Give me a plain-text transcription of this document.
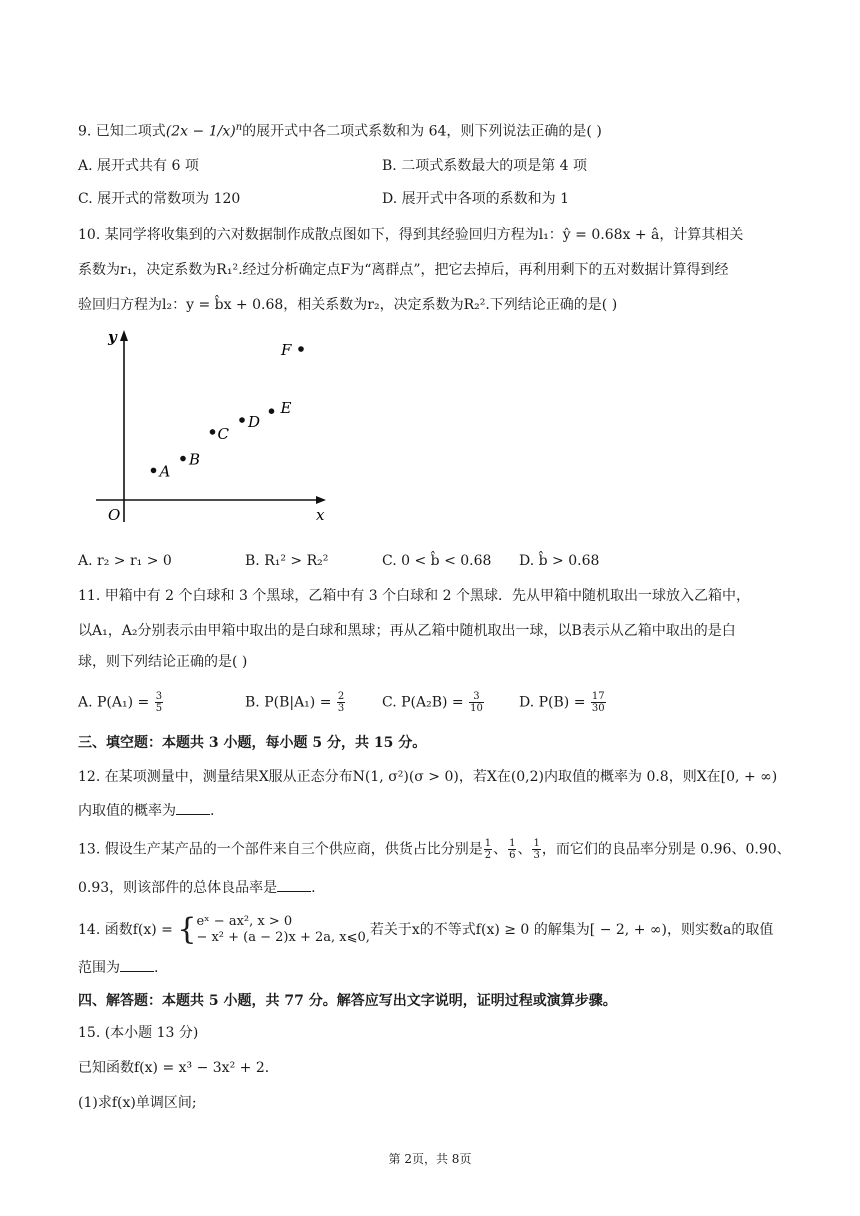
9. 已知二项式$(2x - 1/x)^n$的展开式中各二项式系数和为 64，则下列说法正确的是( )
A. 展开式共有 6 项	B. 二项式系数最大的项是第 4 项
C. 展开式的常数项为 120	D. 展开式中各项的系数和为 1
10. 某同学将收集到的六对数据制作成散点图如下，得到其经验回归方程为l₁：ŷ = 0.68x + â，计算其相关
系数为r₁，决定系数为R₁².经过分析确定点F为“离群点”，把它去掉后，再利用剩下的五对数据计算得到经
验回归方程为l₂：y = b̂x + 0.68，相关系数为r₂，决定系数为R₂².下列结论正确的是( )
x
y
O
A
B
C
D
E
F
A. r₂ > r₁ > 0	B. R₁² > R₂²	C. 0 < b̂ < 0.68 D. b̂ > 0.68
11. 甲箱中有 2 个白球和 3 个黑球，乙箱中有 3 个白球和 2 个黑球．先从甲箱中随机取出一球放入乙箱中，
以A₁，A₂分别表示由甲箱中取出的是白球和黑球；再从乙箱中随机取出一球，以B表示从乙箱中取出的是白
球，则下列结论正确的是( )
A. $P(A_1) = \frac{3}{5}$	B. $P(B|A_1) = \frac{2}{3}$	C. $P(A_2B) = \frac{3}{10}$	D. $P(B) = \frac{17}{30}$
三、填空题：本题共 3 小题，每小题 5 分，共 15 分。
12. 在某项测量中，测量结果X服从正态分布N(1, σ²)(σ > 0)，若X在(0,2)内取值的概率为 0.8，则X在[0, + ∞)
内取值的概率为 .
13. 假设生产某产品的一个部件来自三个供应商，供货占比分别是 $\frac{1}{2}$ 、 $\frac{1}{6}$ 、 $\frac{1}{3}$ ，而它们的良品率分别是 0.96、0.90、
0.93，则该部件的总体良品率是 .
14. 函数f(x) = { eˣ − ax², x > 0
− x² + (a − 2)x + 2a, x⩽0, 若关于x的不等式f(x) ≥ 0 的解集为[ − 2, + ∞)，则实数a的取值
范围为 .
四、解答题：本题共 5 小题，共 77 分。解答应写出文字说明，证明过程或演算步骤。
15. (本小题 13 分)
已知函数f(x) = x³ − 3x² + 2．
(1)求f(x)单调区间;
第 2页，共 8页
